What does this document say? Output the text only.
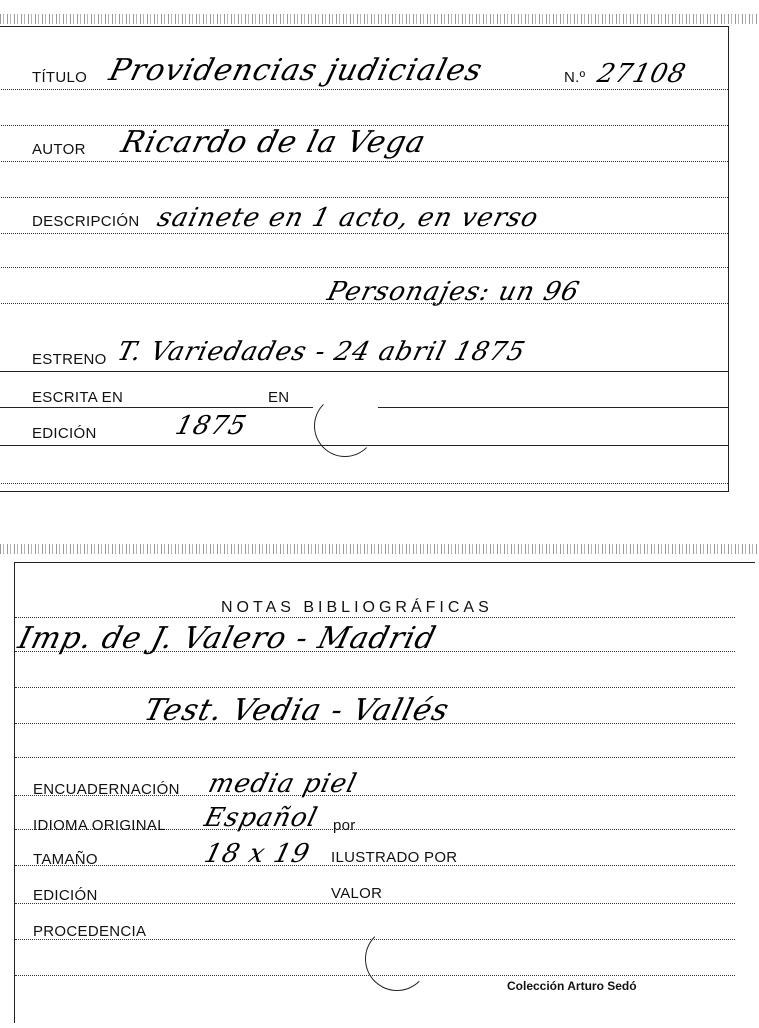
TÍTULO Providencias judiciales	N.º 27108
AUTOR Ricardo de la Vega
DESCRIPCIÓN sainete en 1 acto, en verso
Personajes: un 96
ESTRENO T. Variedades - 24 abril 1875
ESCRITA EN	EN
EDICIÓN	1875
NOTAS BIBLIOGRÁFICAS
Imp. de J. Valero - Madrid
Test. Vedia - Vallés
ENCUADERNACIÓN media piel
IDIOMA ORIGINAL Español por
TAMAÑO	18 x 19 ILUSTRADO POR
EDICIÓN	VALOR
PROCEDENCIA
Colección Arturo Sedó
